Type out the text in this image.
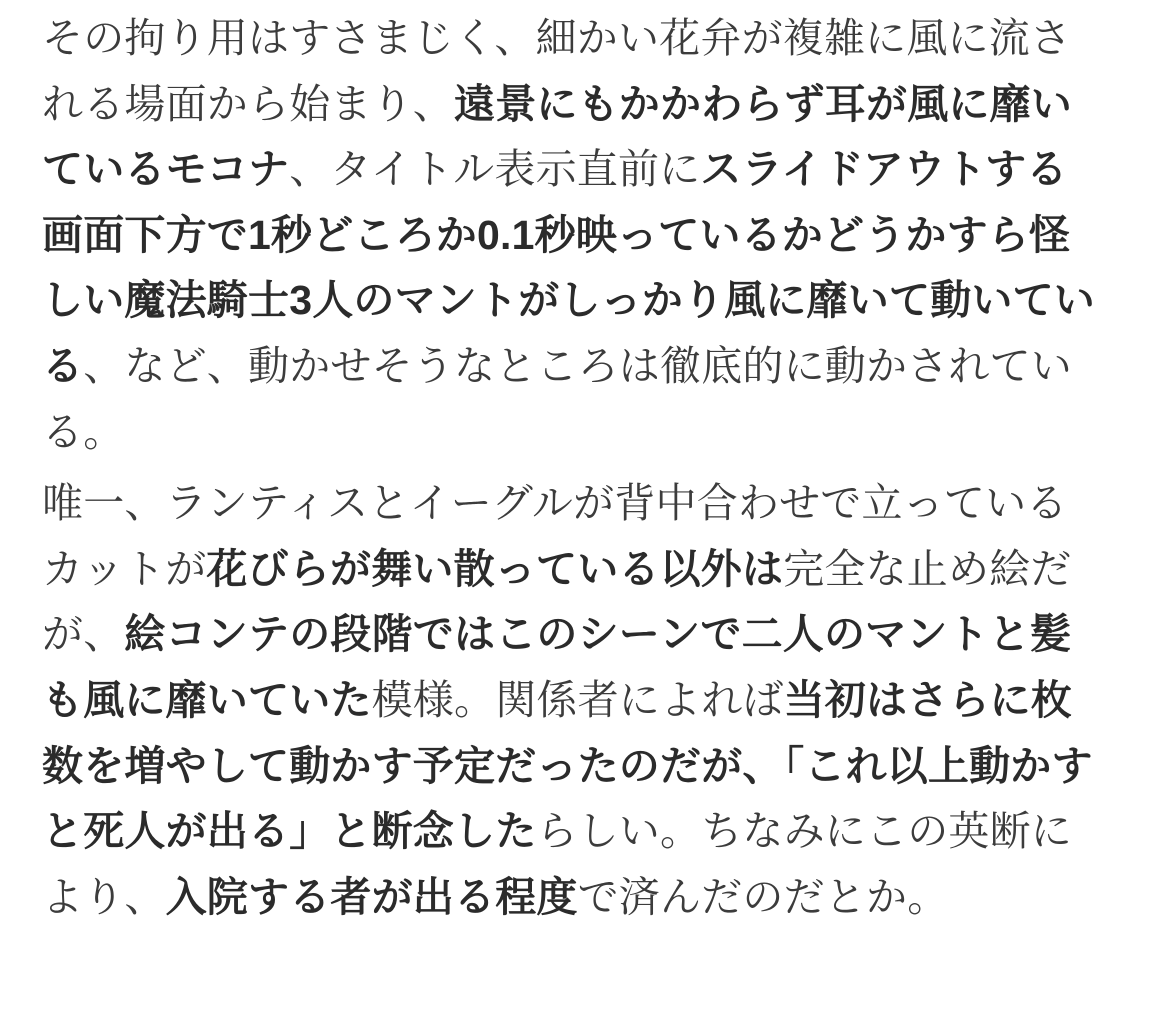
その拘り用はすさまじく、細かい花弁が複雑に風に流される場面から始まり、遠景にもかかわらず耳が風に靡いているモコナ、タイトル表示直前にスライドアウトする画面下方で1秒どころか0.1秒映っているかどうかすら怪しい魔法騎士3人のマントがしっかり風に靡いて動いている、など、動かせそうなところは徹底的に動かされている。

唯一、ランティスとイーグルが背中合わせで立っているカットが花びらが舞い散っている以外は完全な止め絵だが、絵コンテの段階ではこのシーンで二人のマントと髪も風に靡いていた模様。関係者によれば当初はさらに枚数を増やして動かす予定だったのだが、「これ以上動かすと死人が出る」と断念したらしい。ちなみにこの英断により、入院する者が出る程度で済んだのだとか。
